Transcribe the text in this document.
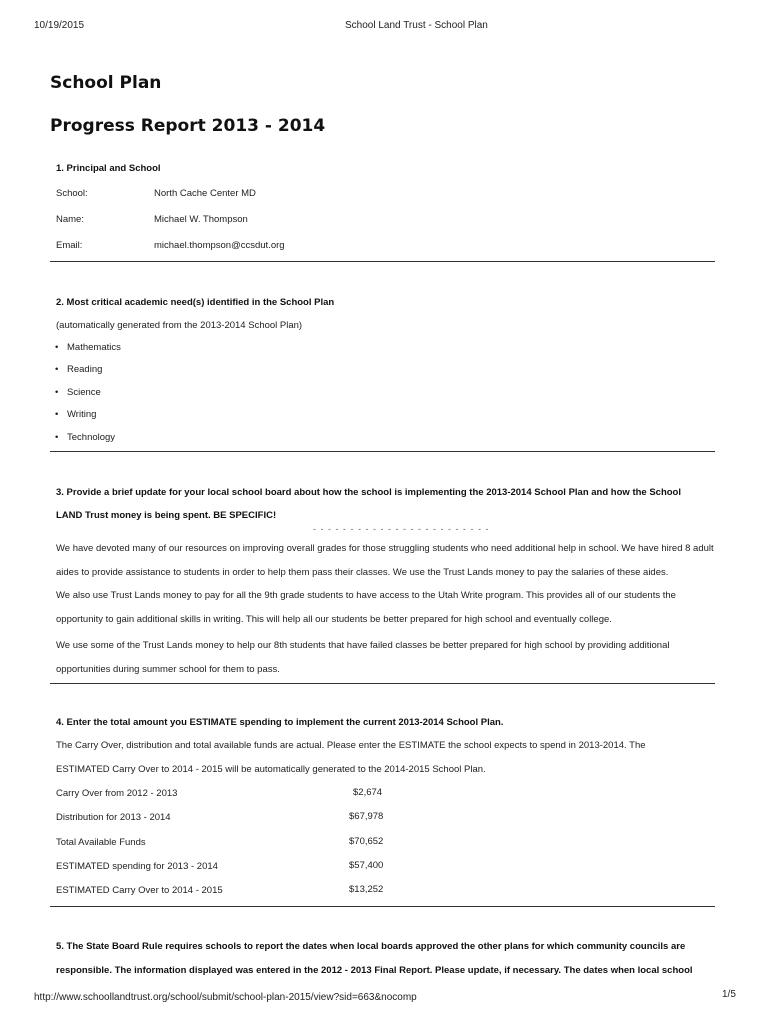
10/19/2015	School Land Trust - School Plan
School Plan
Progress Report 2013 - 2014
1. Principal and School
School:	North Cache Center MD
Name:	Michael W. Thompson
Email:	michael.thompson@ccsdut.org
2. Most critical academic need(s) identified in the School Plan
(automatically generated from the 2013-2014 School Plan)
• Mathematics
• Reading
• Science
• Writing
• Technology
3. Provide a brief update for your local school board about how the school is implementing the 2013-2014 School Plan and how the School
LAND Trust money is being spent. BE SPECIFIC!
- - - - - - - - - - - - - - - - - - - - - - - -
We have devoted many of our resources on improving overall grades for those struggling students who need additional help in school. We have hired 8 adult
aides to provide assistance to students in order to help them pass their classes. We use the Trust Lands money to pay the salaries of these aides.
We also use Trust Lands money to pay for all the 9th grade students to have access to the Utah Write program. This provides all of our students the
opportunity to gain additional skills in writing. This will help all our students be better prepared for high school and eventually college.
We use some of the Trust Lands money to help our 8th students that have failed classes be better prepared for high school by providing additional
opportunities during summer school for them to pass.
4. Enter the total amount you ESTIMATE spending to implement the current 2013-2014 School Plan.
The Carry Over, distribution and total available funds are actual. Please enter the ESTIMATE the school expects to spend in 2013-2014. The
ESTIMATED Carry Over to 2014 - 2015 will be automatically generated to the 2014-2015 School Plan.
Carry Over from 2012 - 2013	$2,674
Distribution for 2013 - 2014	$67,978
Total Available Funds	$70,652
ESTIMATED spending for 2013 - 2014	$57,400
ESTIMATED Carry Over to 2014 - 2015	$13,252
5. The State Board Rule requires schools to report the dates when local boards approved the other plans for which community councils are
responsible. The information displayed was entered in the 2012 - 2013 Final Report. Please update, if necessary. The dates when local school
http://www.schoollandtrust.org/school/submit/school-plan-2015/view?sid=663&nocomp	1/5
